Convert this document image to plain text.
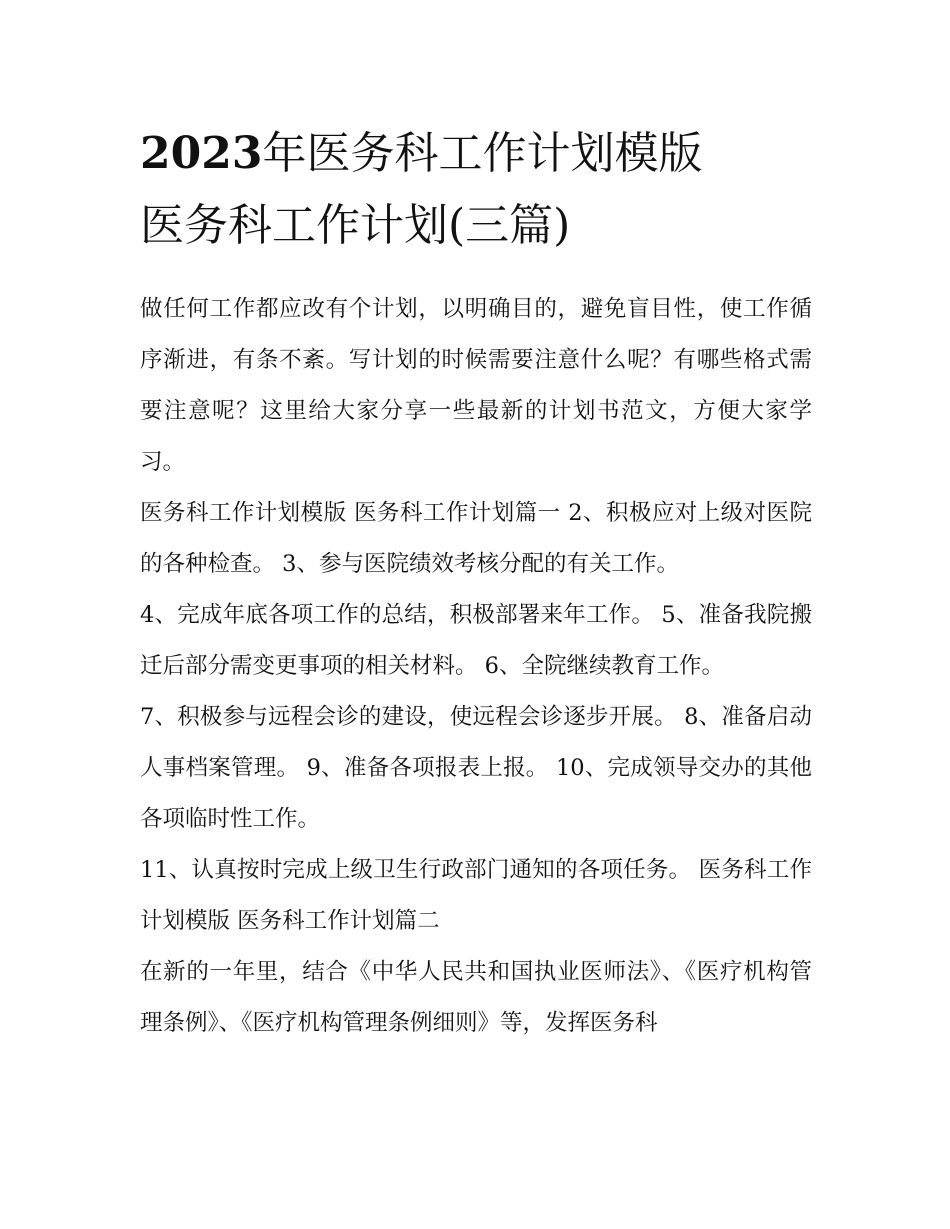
2023年医务科工作计划模版
医务科工作计划(三篇)

做任何工作都应改有个计划，以明确目的，避免盲目性，使工作循序渐进，有条不紊。写计划的时候需要注意什么呢？有哪些格式需要注意呢？这里给大家分享一些最新的计划书范文，方便大家学习。

医务科工作计划模版 医务科工作计划篇一 2、积极应对上级对医院的各种检查。 3、参与医院绩效考核分配的有关工作。

4、完成年底各项工作的总结，积极部署来年工作。 5、准备我院搬迁后部分需变更事项的相关材料。 6、全院继续教育工作。

7、积极参与远程会诊的建设，使远程会诊逐步开展。 8、准备启动人事档案管理。 9、准备各项报表上报。 10、完成领导交办的其他各项临时性工作。

11、认真按时完成上级卫生行政部门通知的各项任务。 医务科工作计划模版 医务科工作计划篇二

在新的一年里，结合《中华人民共和国执业医师法》、《医疗机构管理条例》、《医疗机构管理条例细则》等，发挥医务科
